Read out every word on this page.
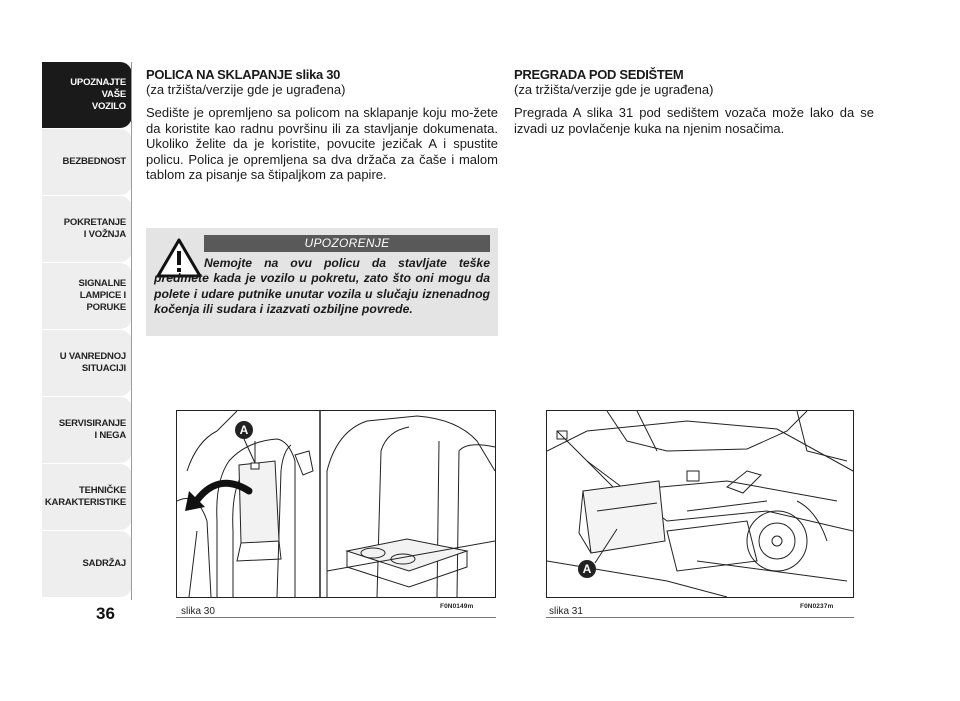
UPOZNAJTE
VAŠE
VOZILO
BEZBEDNOST
POKRETANJE
I VOŽNJA
SIGNALNE
LAMPICE I PORUKE
U VANREDNOJ
SITUACIJI
SERVISIRANJE
I NEGA
TEHNIČKE
KARAKTERISTIKE
SADRŽAJ
36

POLICA NA SKLAPANJE slika 30

(za tržišta/verzije gde je ugrađena)

Sedište je opremljeno sa policom na sklapanje koju mo-žete da koristite kao radnu površinu ili za stavljanje dokumenata. Ukoliko želite da je koristite, povucite jezičak A i spustite policu. Polica je opremljena sa dva držača za čaše i malom tablom za pisanje sa štipaljkom za papire.

UPOZORENJE

Nemojte na ovu policu da stavljate teške predmete kada je vozilo u pokretu, zato što oni mogu da polete i udare putnike unutar vozila u slučaju iznenadnog kočenja ili sudara i izazvati ozbiljne povrede.

PREGRADA POD SEDIŠTEM

(za tržišta/verzije gde je ugrađena)

Pregrada A slika 31 pod sedištem vozača može lako da se izvadi uz povlačenje kuka na njenim nosačima.

A
slika 30	F0N0149m
A
slika 31	F0N0237m
